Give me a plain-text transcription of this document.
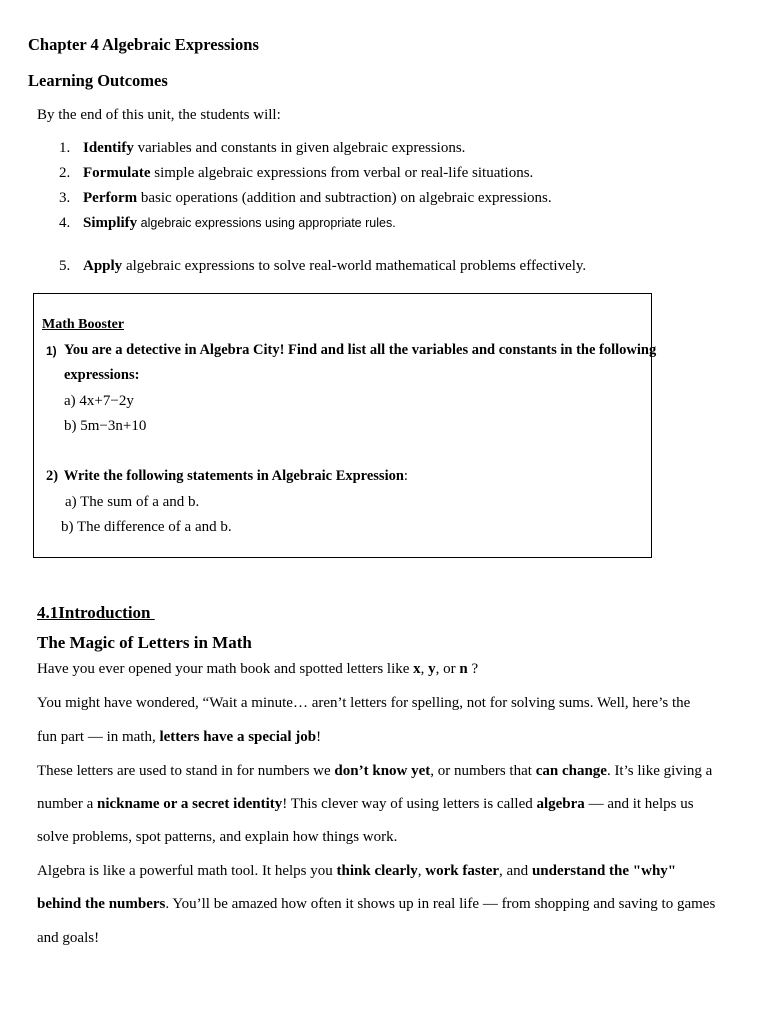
Chapter 4 Algebraic Expressions
Learning Outcomes
By the end of this unit, the students will:
1. Identify variables and constants in given algebraic expressions.
2. Formulate simple algebraic expressions from verbal or real-life situations.
3. Perform basic operations (addition and subtraction) on algebraic expressions.
4. Simplify algebraic expressions using appropriate rules.
5. Apply algebraic expressions to solve real-world mathematical problems effectively.
Math Booster
1) You are a detective in Algebra City! Find and list all the variables and constants in the following
expressions:
a) 4x+7−2y
b) 5m−3n+10
2) Write the following statements in Algebraic Expression:
a) The sum of a and b.
b) The difference of a and b.
4.1Introduction
The Magic of Letters in Math
Have you ever opened your math book and spotted letters like x, y, or n ?
You might have wondered, “Wait a minute… aren’t letters for spelling, not for solving sums. Well, here’s the
fun part — in math, letters have a special job!
These letters are used to stand in for numbers we don’t know yet, or numbers that can change. It’s like giving a
number a nickname or a secret identity! This clever way of using letters is called algebra — and it helps us
solve problems, spot patterns, and explain how things work.
Algebra is like a powerful math tool. It helps you think clearly, work faster, and understand the "why"
behind the numbers. You’ll be amazed how often it shows up in real life — from shopping and saving to games
and goals!
